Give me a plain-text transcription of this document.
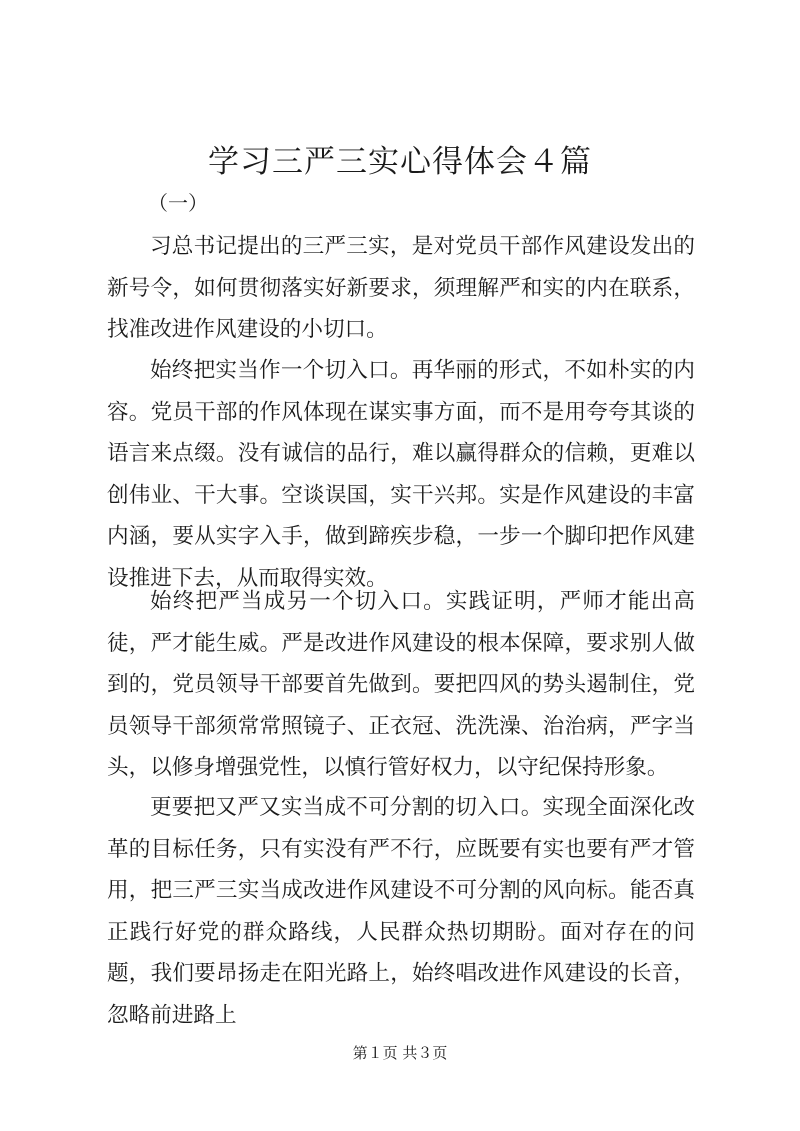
学习三严三实心得体会４篇
（一）

习总书记提出的三严三实，是对党员干部作风建设发出的新号令，如何贯彻落实好新要求，须理解严和实的内在联系，找准改进作风建设的小切口。

始终把实当作一个切入口。再华丽的形式，不如朴实的内容。党员干部的作风体现在谋实事方面，而不是用夸夸其谈的语言来点缀。没有诚信的品行，难以赢得群众的信赖，更难以创伟业、干大事。空谈误国，实干兴邦。实是作风建设的丰富内涵，要从实字入手，做到蹄疾步稳，一步一个脚印把作风建设推进下去，从而取得实效。

始终把严当成另一个切入口。实践证明，严师才能出高徒，严才能生威。严是改进作风建设的根本保障，要求别人做到的，党员领导干部要首先做到。要把四风的势头遏制住，党员领导干部须常常照镜子、正衣冠、洗洗澡、治治病，严字当头，以修身增强党性，以慎行管好权力，以守纪保持形象。

更要把又严又实当成不可分割的切入口。实现全面深化改革的目标任务，只有实没有严不行，应既要有实也要有严才管用，把三严三实当成改进作风建设不可分割的风向标。能否真正践行好党的群众路线，人民群众热切期盼。面对存在的问题，我们要昂扬走在阳光路上，始终唱改进作风建设的长音，忽略前进路上

第１页 共３页
